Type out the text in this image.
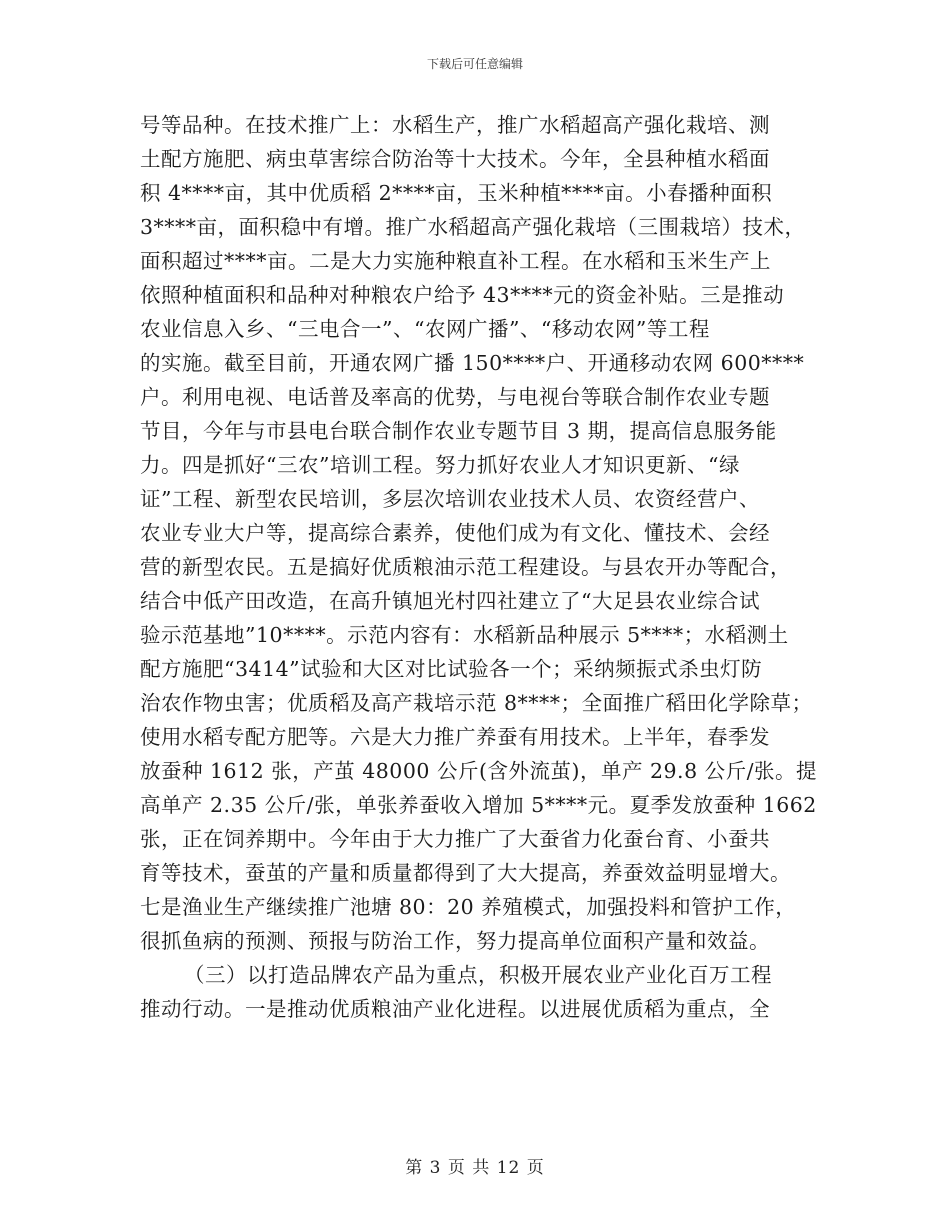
下载后可任意编辑
号等品种。在技术推广上：水稻生产，推广水稻超高产强化栽培、测
土配方施肥、病虫草害综合防治等十大技术。今年，全县种植水稻面
积 4****亩，其中优质稻 2****亩，玉米种植****亩。小春播种面积
3****亩，面积稳中有增。推广水稻超高产强化栽培（三围栽培）技术，
面积超过****亩。二是大力实施种粮直补工程。在水稻和玉米生产上
依照种植面积和品种对种粮农户给予 43****元的资金补贴。三是推动
农业信息入乡、“三电合一”、“农网广播”、“移动农网”等工程
的实施。截至目前，开通农网广播 150****户、开通移动农网 600****
户。利用电视、电话普及率高的优势，与电视台等联合制作农业专题
节目，今年与市县电台联合制作农业专题节目 3 期，提高信息服务能
力。四是抓好“三农”培训工程。努力抓好农业人才知识更新、“绿
证”工程、新型农民培训，多层次培训农业技术人员、农资经营户、
农业专业大户等，提高综合素养，使他们成为有文化、懂技术、会经
营的新型农民。五是搞好优质粮油示范工程建设。与县农开办等配合，
结合中低产田改造，在高升镇旭光村四社建立了“大足县农业综合试
验示范基地”10****。示范内容有：水稻新品种展示 5****；水稻测土
配方施肥“3414”试验和大区对比试验各一个；采纳频振式杀虫灯防
治农作物虫害；优质稻及高产栽培示范 8****；全面推广稻田化学除草；
使用水稻专配方肥等。六是大力推广养蚕有用技术。上半年，春季发
放蚕种 1612 张，产茧 48000 公斤(含外流茧)，单产 29.8 公斤/张。提
高单产 2.35 公斤/张，单张养蚕收入增加 5****元。夏季发放蚕种 1662
张，正在饲养期中。今年由于大力推广了大蚕省力化蚕台育、小蚕共
育等技术，蚕茧的产量和质量都得到了大大提高，养蚕效益明显增大。
七是渔业生产继续推广池塘 80：20 养殖模式，加强投料和管护工作，
很抓鱼病的预测、预报与防治工作，努力提高单位面积产量和效益。
（三）以打造品牌农产品为重点，积极开展农业产业化百万工程
推动行动。一是推动优质粮油产业化进程。以进展优质稻为重点，全
第 3 页 共 12 页
